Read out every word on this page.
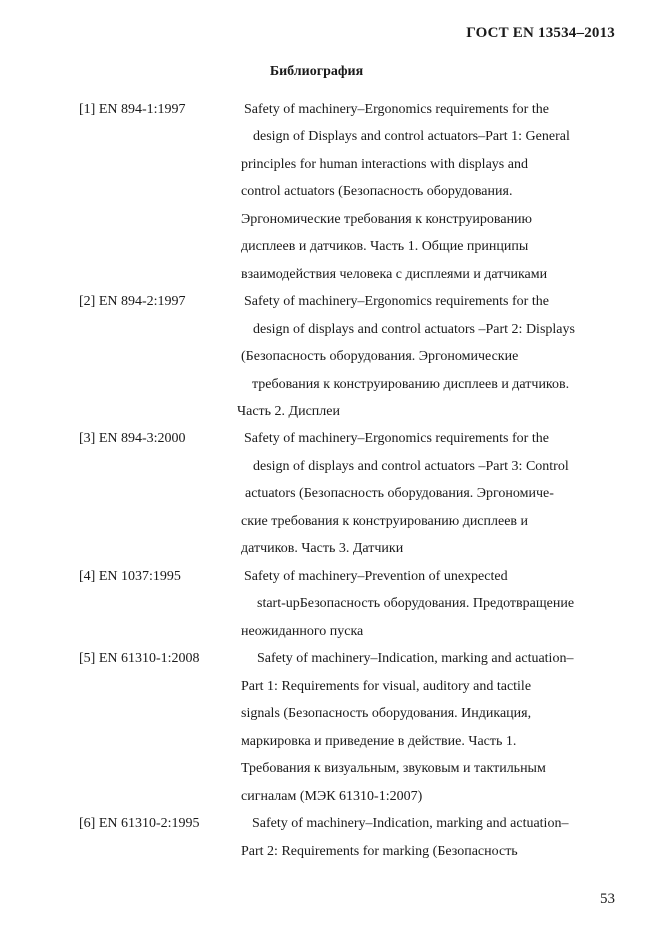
ГОСТ EN 13534–2013
Библиография
[1] EN 894-1:1997	Safety of machinery–Ergonomics requirements for the
design of Displays and control actuators–Part 1: General
principles for human interactions with displays and
control actuators (Безопасность оборудования.
Эргономические требования к конструированию
дисплеев и датчиков. Часть 1. Общие принципы
взаимодействия человека с дисплеями и датчиками
[2] EN 894-2:1997	Safety of machinery–Ergonomics requirements for the
design of displays and control actuators –Part 2: Displays
(Безопасность оборудования. Эргономические
требования к конструированию дисплеев и датчиков.
Часть 2. Дисплеи
[3] EN 894-3:2000	Safety of machinery–Ergonomics requirements for the
design of displays and control actuators –Part 3: Control
actuators (Безопасность оборудования. Эргономиче-
ские требования к конструированию дисплеев и
датчиков. Часть 3. Датчики
[4] EN 1037:1995	Safety of machinery–Prevention of unexpected
start-upБезопасность оборудования. Предотвращение
неожиданного пуска
[5] EN 61310-1:2008	Safety of machinery–Indication, marking and actuation–
Part 1: Requirements for visual, auditory and tactile
signals (Безопасность оборудования. Индикация,
маркировка и приведение в действие. Часть 1.
Требования к визуальным, звуковым и тактильным
сигналам (МЭК 61310-1:2007)
[6] EN 61310-2:1995	Safety of machinery–Indication, marking and actuation–
Part 2: Requirements for marking (Безопасность
53
